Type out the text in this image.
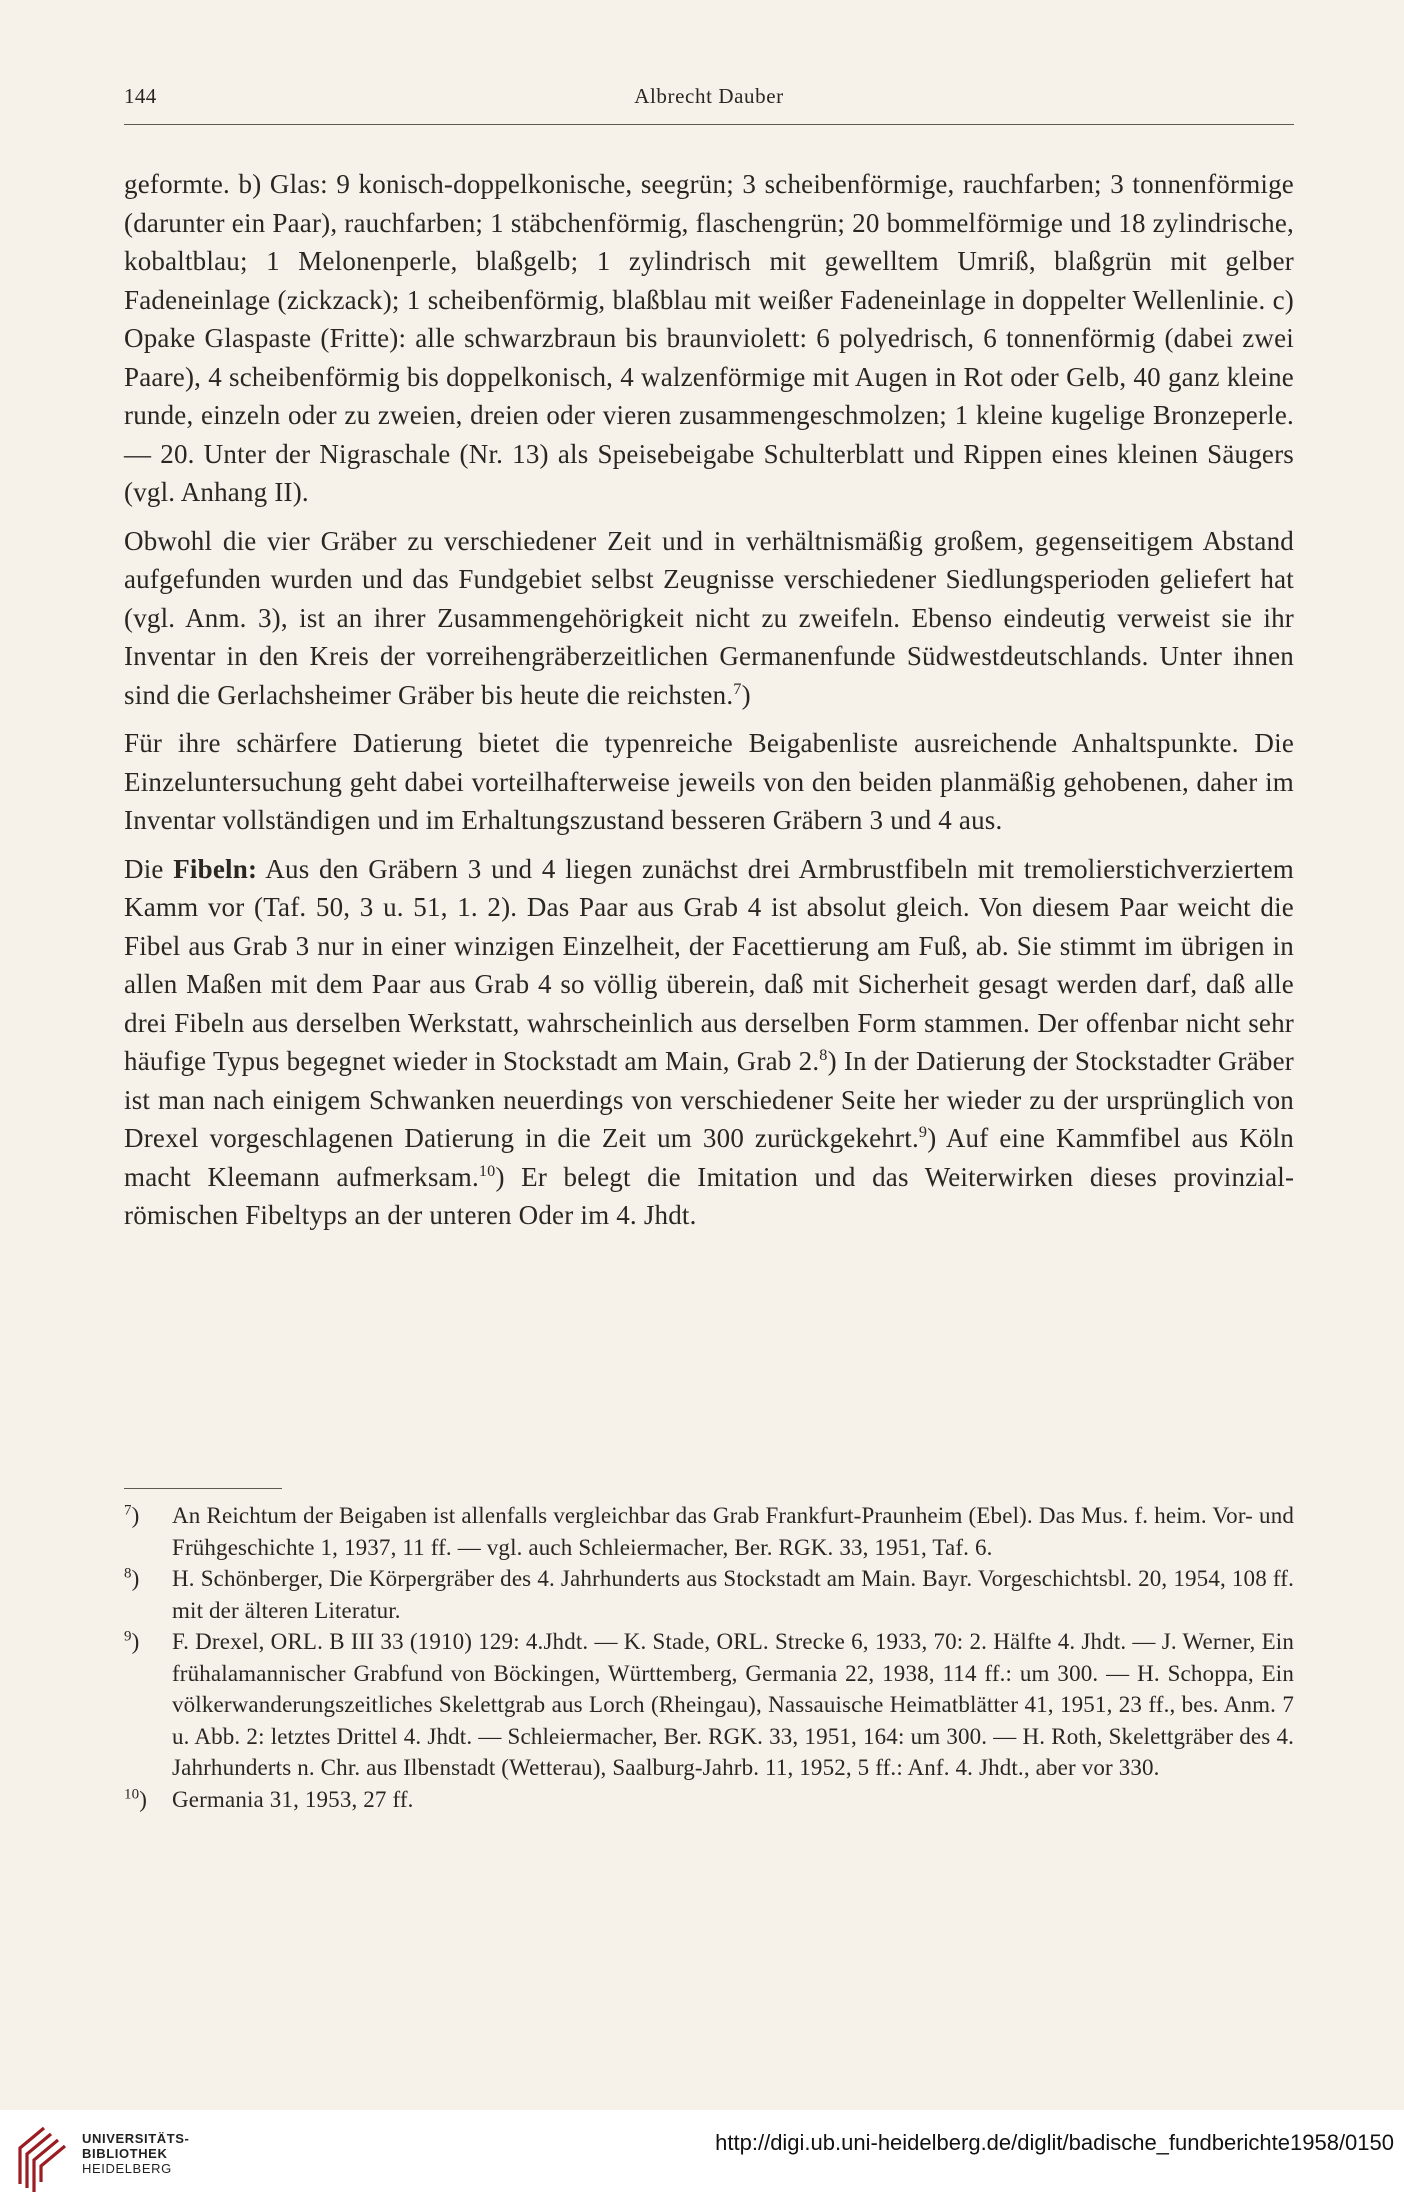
144	Albrecht Dauber

geformte. b) Glas: 9 konisch-doppelkonische, seegrün; 3 scheibenförmige, rauchfarben; 3 tonnenförmige (darunter ein Paar), rauchfarben; 1 stäbchenförmig, flaschengrün; 20 bommelförmige und 18 zylindrische, kobaltblau; 1 Melonenperle, blaßgelb; 1 zylindrisch mit gewelltem Umriß, blaßgrün mit gelber Fadeneinlage (zickzack); 1 scheibenförmig, blaßblau mit weißer Fadeneinlage in doppelter Wellenlinie. c) Opake Glaspaste (Fritte): alle schwarzbraun bis braunviolett: 6 polyedrisch, 6 tonnenförmig (dabei zwei Paare), 4 scheibenförmig bis doppelkonisch, 4 walzenförmige mit Augen in Rot oder Gelb, 40 ganz kleine runde, einzeln oder zu zweien, dreien oder vieren zusammengeschmolzen; 1 kleine kugelige Bronzeperle. — 20. Unter der Nigraschale (Nr. 13) als Speisebeigabe Schulterblatt und Rippen eines kleinen Säugers (vgl. Anhang II).

Obwohl die vier Gräber zu verschiedener Zeit und in verhältnismäßig großem, gegenseitigem Abstand aufgefunden wurden und das Fundgebiet selbst Zeugnisse verschiedener Siedlungsperioden geliefert hat (vgl. Anm. 3), ist an ihrer Zusammengehörigkeit nicht zu zweifeln. Ebenso eindeutig verweist sie ihr Inventar in den Kreis der vorreihengräberzeitlichen Germanenfunde Südwestdeutschlands. Unter ihnen sind die Gerlachsheimer Gräber bis heute die reichsten.$^7$)

Für ihre schärfere Datierung bietet die typenreiche Beigabenliste ausreichende Anhaltspunkte. Die Einzeluntersuchung geht dabei vorteilhafterweise jeweils von den beiden planmäßig gehobenen, daher im Inventar vollständigen und im Erhaltungszustand besseren Gräbern 3 und 4 aus.

Die Fibeln: Aus den Gräbern 3 und 4 liegen zunächst drei Armbrustfibeln mit tremolierstichverziertem Kamm vor (Taf. 50, 3 u. 51, 1. 2). Das Paar aus Grab 4 ist absolut gleich. Von diesem Paar weicht die Fibel aus Grab 3 nur in einer winzigen Einzelheit, der Facettierung am Fuß, ab. Sie stimmt im übrigen in allen Maßen mit dem Paar aus Grab 4 so völlig überein, daß mit Sicherheit gesagt werden darf, daß alle drei Fibeln aus derselben Werkstatt, wahrscheinlich aus derselben Form stammen. Der offenbar nicht sehr häufige Typus begegnet wieder in Stockstadt am Main, Grab 2.$^8$) In der Datierung der Stockstadter Gräber ist man nach einigem Schwanken neuerdings von verschiedener Seite her wieder zu der ursprünglich von Drexel vorgeschlagenen Datierung in die Zeit um 300 zurückgekehrt.$^9$) Auf eine Kammfibel aus Köln macht Kleemann aufmerksam.$^{10}$) Er belegt die Imitation und das Weiterwirken dieses provinzialrömischen Fibeltyps an der unteren Oder im 4. Jhdt.

$^7$) An Reichtum der Beigaben ist allenfalls vergleichbar das Grab Frankfurt-Praunheim (Ebel). Das Mus. f. heim. Vor- und Frühgeschichte 1, 1937, 11 ff. — vgl. auch Schleiermacher, Ber. RGK. 33, 1951, Taf. 6.
$^8$) H. Schönberger, Die Körpergräber des 4. Jahrhunderts aus Stockstadt am Main. Bayr. Vorgeschichtsbl. 20, 1954, 108 ff. mit der älteren Literatur.
$^9$) F. Drexel, ORL. B III 33 (1910) 129: 4.Jhdt. — K. Stade, ORL. Strecke 6, 1933, 70: 2. Hälfte 4. Jhdt. — J. Werner, Ein frühalamannischer Grabfund von Böckingen, Württemberg, Germania 22, 1938, 114 ff.: um 300. — H. Schoppa, Ein völkerwanderungszeitliches Skelettgrab aus Lorch (Rheingau), Nassauische Heimatblätter 41, 1951, 23 ff., bes. Anm. 7 u. Abb. 2: letztes Drittel 4. Jhdt. — Schleiermacher, Ber. RGK. 33, 1951, 164: um 300. — H. Roth, Skelettgräber des 4. Jahrhunderts n. Chr. aus Ilbenstadt (Wetterau), Saalburg-Jahrb. 11, 1952, 5 ff.: Anf. 4. Jhdt., aber vor 330.
$^{10}$) Germania 31, 1953, 27 ff.
UNIVERSITÄTS-
BIBLIOTHEK
HEIDELBERG
http://digi.ub.uni-heidelberg.de/diglit/badische_fundberichte1958/0150
